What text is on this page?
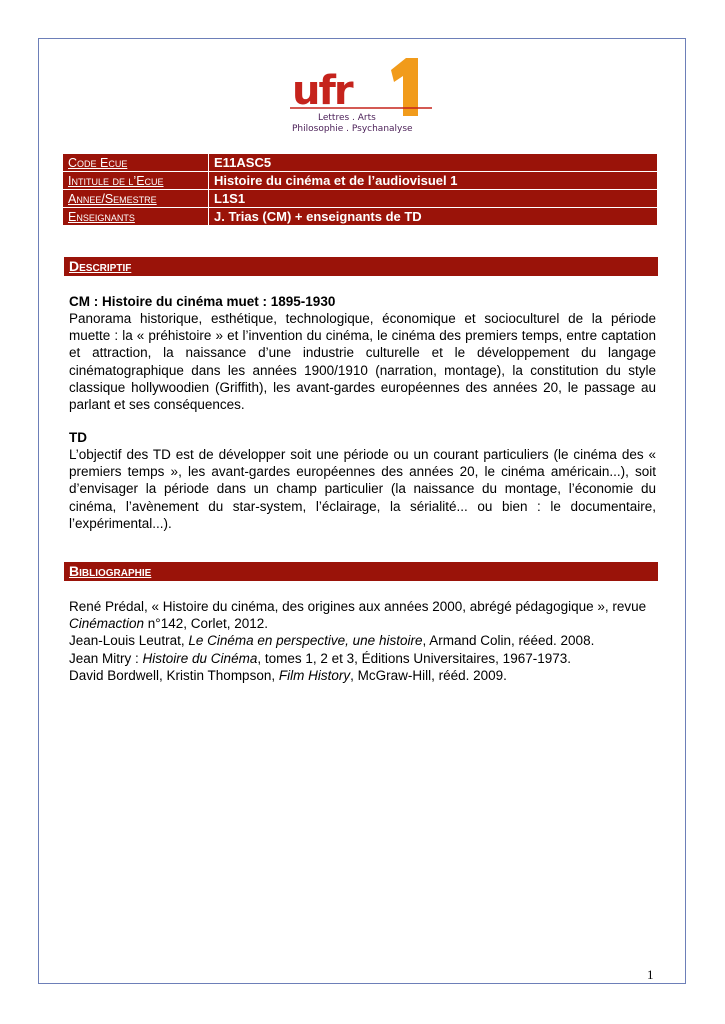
ufr
1
Lettres . Arts
Philosophie . Psychanalyse
Code Ecue	E11ASC5
Intitule de l’Ecue	Histoire du cinéma et de l’audiovisuel 1
Annee/Semestre	L1S1
Enseignants	J. Trias (CM) + enseignants de TD
Descriptif
CM : Histoire du cinéma muet : 1895-1930
Panorama historique, esthétique, technologique, économique et socioculturel de la période muette : la « préhistoire » et l’invention du cinéma, le cinéma des premiers temps, entre captation et attraction, la naissance d’une industrie culturelle et le développement du langage cinématographique dans les années 1900/1910 (narration, montage), la constitution du style classique hollywoodien (Griffith), les avant-gardes européennes des années 20, le passage au parlant et ses conséquences.
TD
L’objectif des TD est de développer soit une période ou un courant particuliers (le cinéma des « premiers temps », les avant-gardes européennes des années 20, le cinéma américain...), soit d’envisager la période dans un champ particulier (la naissance du montage, l’économie du cinéma, l’avènement du star-system, l’éclairage, la sérialité... ou bien : le documentaire, l’expérimental...).
Bibliographie

René Prédal, « Histoire du cinéma, des origines aux années 2000, abrégé pédagogique », revue Cinémaction n°142, Corlet, 2012.

Jean-Louis Leutrat, Le Cinéma en perspective, une histoire, Armand Colin, rééed. 2008.

Jean Mitry : Histoire du Cinéma, tomes 1, 2 et 3, Éditions Universitaires, 1967-1973.

David Bordwell, Kristin Thompson, Film History, McGraw-Hill, rééd. 2009.

1
